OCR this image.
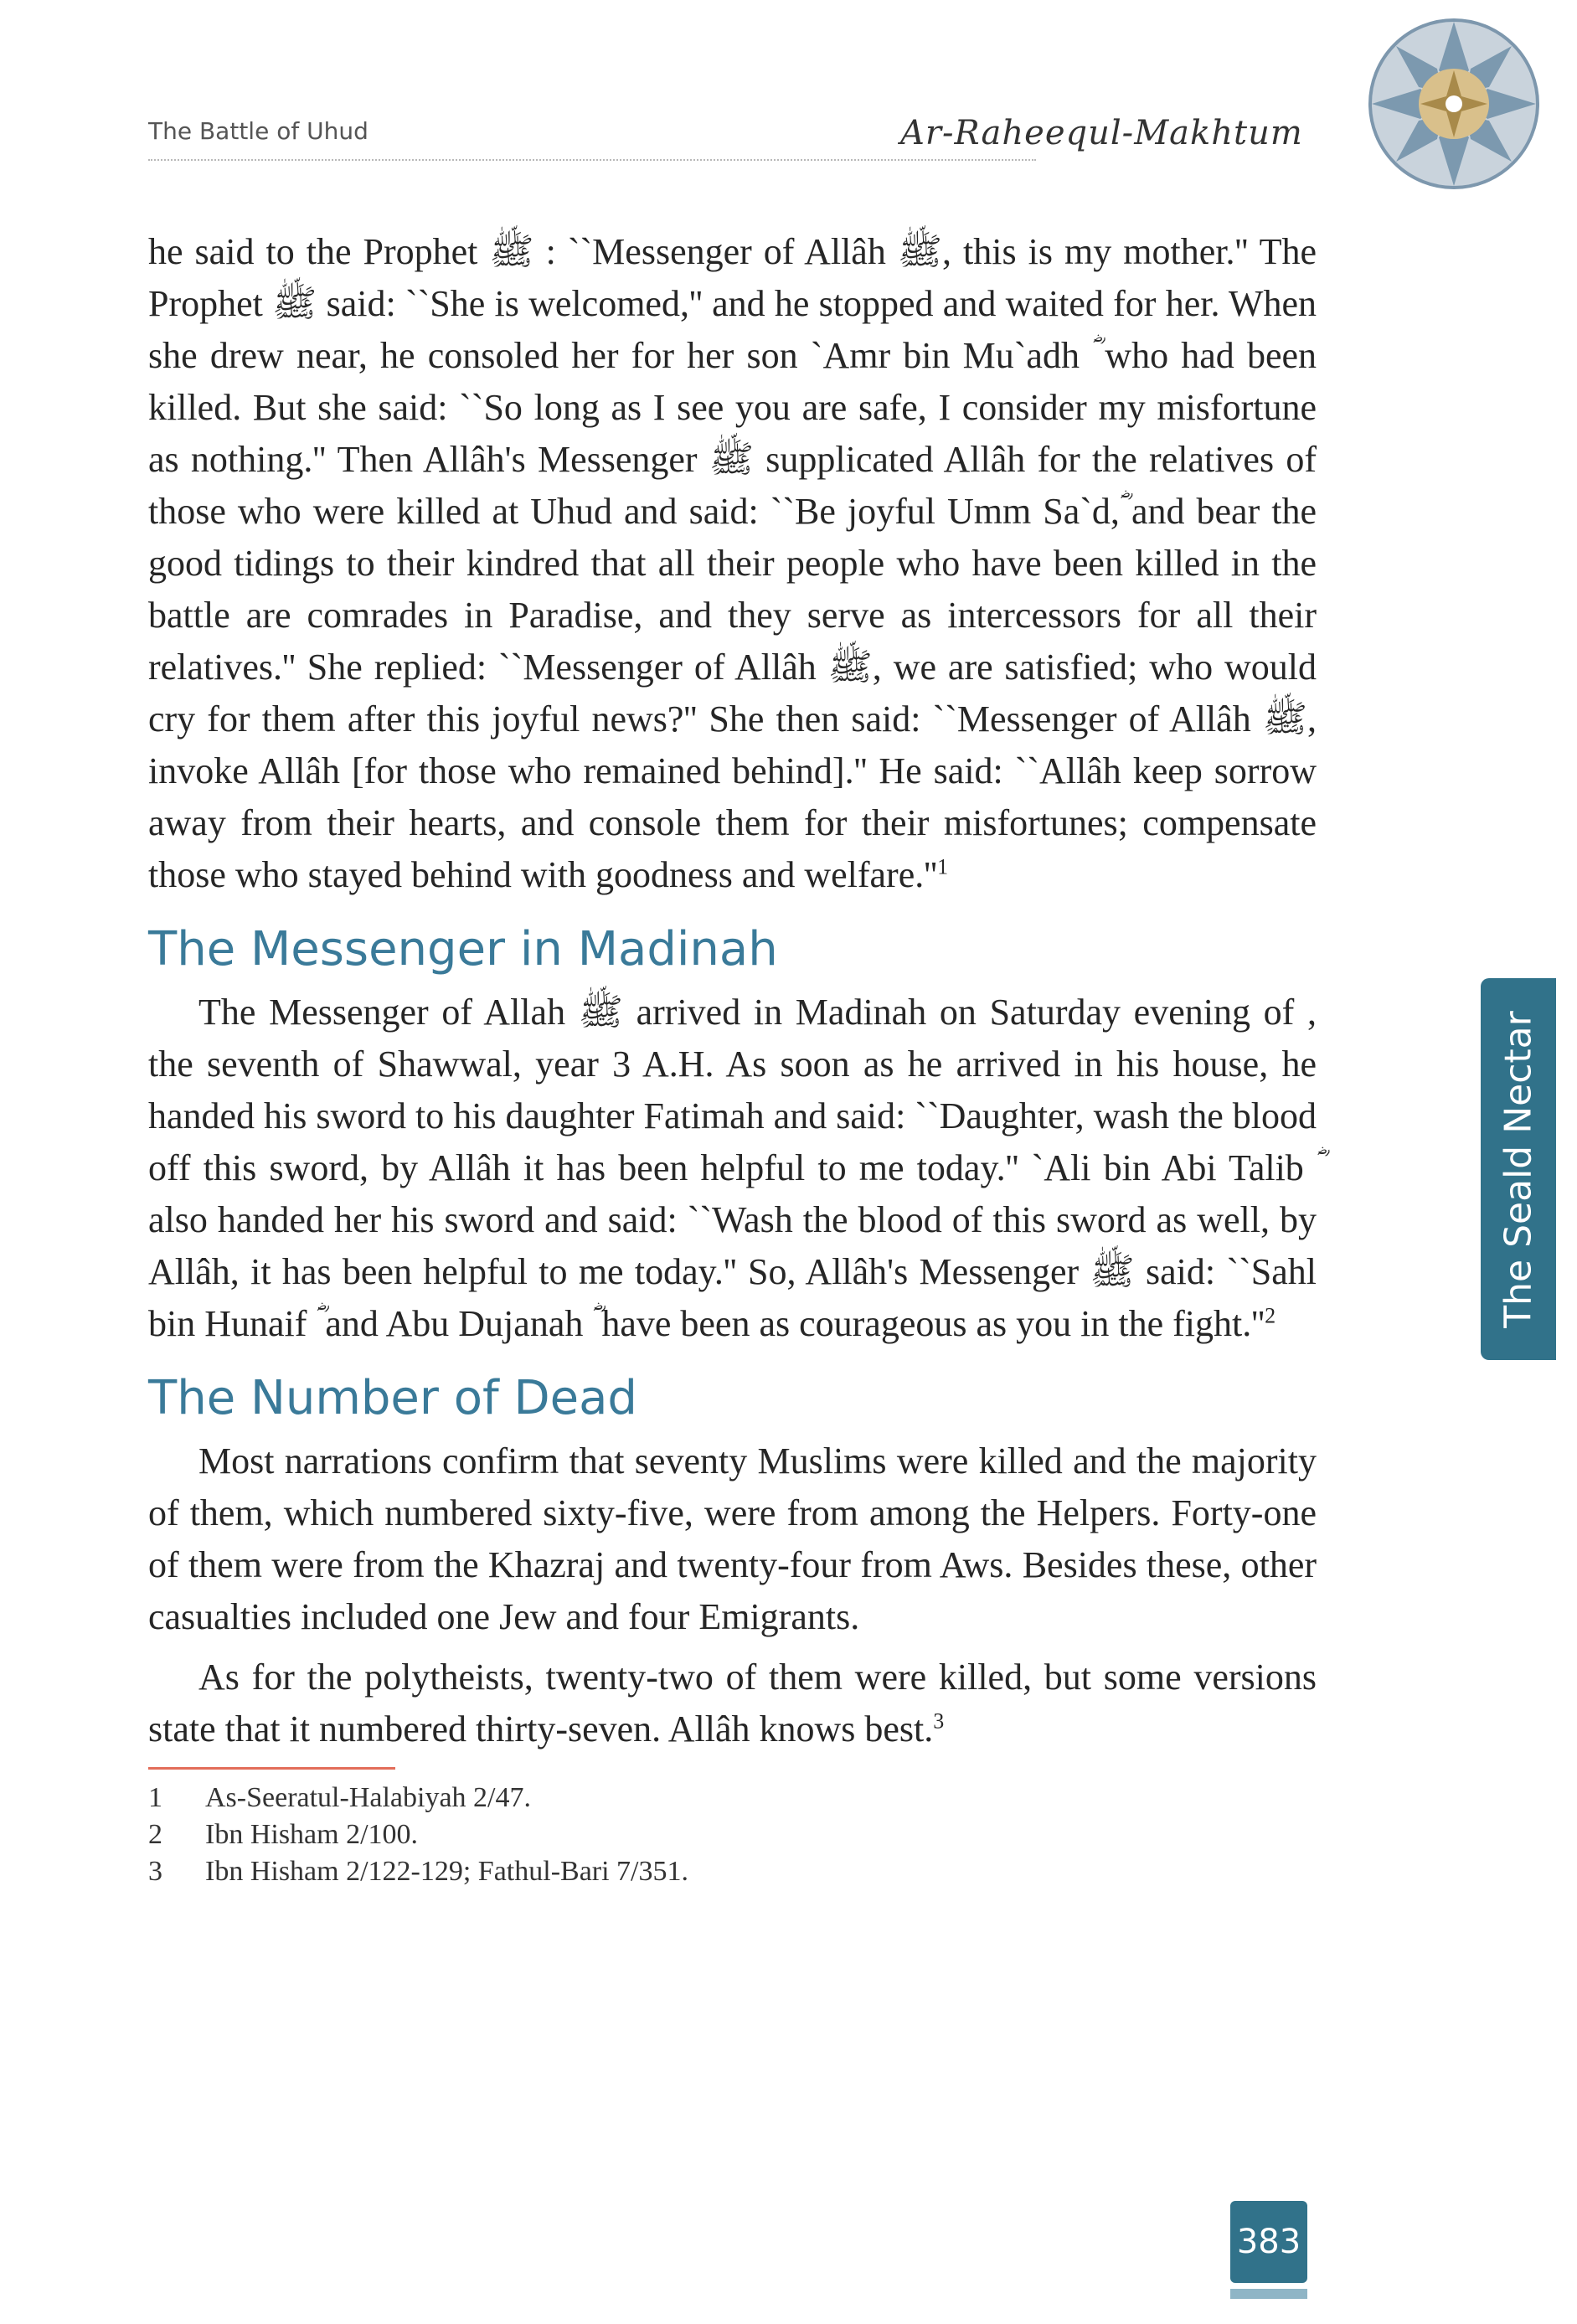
The Battle of Uhud	Ar-Raheequl-Makhtum

he said to the Prophet ﷺ : ``Messenger of Allâh ﷺ, this is my mother.'' The Prophet ﷺ said: ``She is welcomed,'' and he stopped and waited for her. When she drew near, he consoled her for her son `Amr bin Mu`adh ؓ who had been killed. But she said: ``So long as I see you are safe, I consider my misfortune as nothing.'' Then Allâh's Messenger ﷺ supplicated Allâh for the relatives of those who were killed at Uhud and said: ``Be joyful Umm Sa`d,ؓ and bear the good tidings to their kindred that all their people who have been killed in the battle are comrades in Paradise, and they serve as intercessors for all their relatives.'' She replied: ``Messenger of Allâh ﷺ, we are satisfied; who would cry for them after this joyful news?'' She then said: ``Messenger of Allâh ﷺ, invoke Allâh [for those who remained behind].'' He said: ``Allâh keep sorrow away from their hearts, and console them for their misfortunes; compensate those who stayed behind with goodness and $welfare.''^1$

The Messenger in Madinah

The Messenger of Allah ﷺ arrived in Madinah on Saturday evening of , the seventh of Shawwal, year 3 A.H. As soon as he arrived in his house, he handed his sword to his daughter Fatimah and said: ``Daughter, wash the blood off this sword, by Allâh it has been helpful to me today.'' `Ali bin Abi Talib ؓ also handed her his sword and said: ``Wash the blood of this sword as well, by Allâh, it has been helpful to me today.'' So, Allâh's Messenger ﷺ said: ``Sahl bin Hunaif ؓ and Abu Dujanah ؓ have been as courageous as you in the $fight.''^2$

The Number of Dead

Most narrations confirm that seventy Muslims were killed and the majority of them, which numbered sixty-five, were from among the Helpers. Forty-one of them were from the Khazraj and twenty-four from Aws. Besides these, other casualties included one Jew and four Emigrants.

As for the polytheists, twenty-two of them were killed, but some versions state that it numbered thirty-seven. Allâh knows best.$^3$

1	As-Seeratul-Halabiyah 2/47.
2	Ibn Hisham 2/100.
3	Ibn Hisham 2/122-129; Fathul-Bari 7/351.
The Seald Nectar
383
